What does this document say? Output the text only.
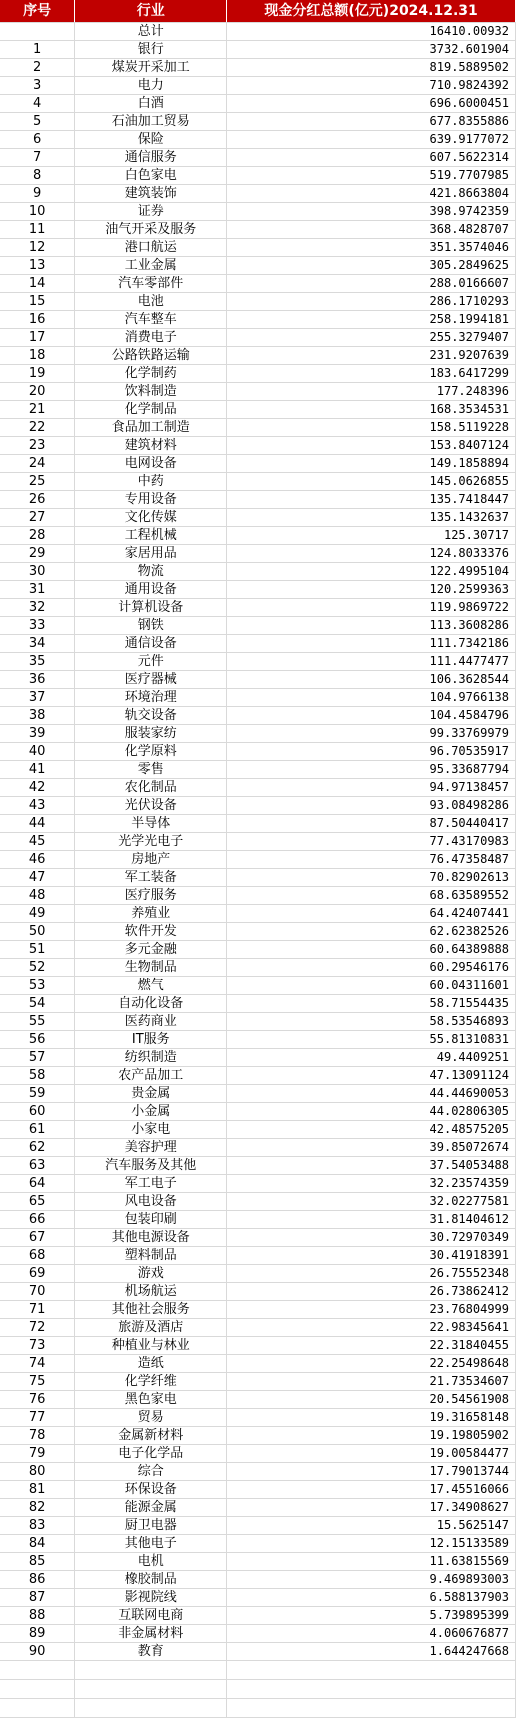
序号	行业	现金分红总额(亿元)2024.12.31
	总计	16410.00932
1	银行	3732.601904
2	煤炭开采加工	819.5889502
3	电力	710.9824392
4	白酒	696.6000451
5	石油加工贸易	677.8355886
6	保险	639.9177072
7	通信服务	607.5622314
8	白色家电	519.7707985
9	建筑装饰	421.8663804
10	证券	398.9742359
11	油气开采及服务	368.4828707
12	港口航运	351.3574046
13	工业金属	305.2849625
14	汽车零部件	288.0166607
15	电池	286.1710293
16	汽车整车	258.1994181
17	消费电子	255.3279407
18	公路铁路运输	231.9207639
19	化学制药	183.6417299
20	饮料制造	177.248396
21	化学制品	168.3534531
22	食品加工制造	158.5119228
23	建筑材料	153.8407124
24	电网设备	149.1858894
25	中药	145.0626855
26	专用设备	135.7418447
27	文化传媒	135.1432637
28	工程机械	125.30717
29	家居用品	124.8033376
30	物流	122.4995104
31	通用设备	120.2599363
32	计算机设备	119.9869722
33	钢铁	113.3608286
34	通信设备	111.7342186
35	元件	111.4477477
36	医疗器械	106.3628544
37	环境治理	104.9766138
38	轨交设备	104.4584796
39	服装家纺	99.33769979
40	化学原料	96.70535917
41	零售	95.33687794
42	农化制品	94.97138457
43	光伏设备	93.08498286
44	半导体	87.50440417
45	光学光电子	77.43170983
46	房地产	76.47358487
47	军工装备	70.82902613
48	医疗服务	68.63589552
49	养殖业	64.42407441
50	软件开发	62.62382526
51	多元金融	60.64389888
52	生物制品	60.29546176
53	燃气	60.04311601
54	自动化设备	58.71554435
55	医药商业	58.53546893
56	IT服务	55.81310831
57	纺织制造	49.4409251
58	农产品加工	47.13091124
59	贵金属	44.44690053
60	小金属	44.02806305
61	小家电	42.48575205
62	美容护理	39.85072674
63	汽车服务及其他	37.54053488
64	军工电子	32.23574359
65	风电设备	32.02277581
66	包装印刷	31.81404612
67	其他电源设备	30.72970349
68	塑料制品	30.41918391
69	游戏	26.75552348
70	机场航运	26.73862412
71	其他社会服务	23.76804999
72	旅游及酒店	22.98345641
73	种植业与林业	22.31840455
74	造纸	22.25498648
75	化学纤维	21.73534607
76	黑色家电	20.54561908
77	贸易	19.31658148
78	金属新材料	19.19805902
79	电子化学品	19.00584477
80	综合	17.79013744
81	环保设备	17.45516066
82	能源金属	17.34908627
83	厨卫电器	15.5625147
84	其他电子	12.15133589
85	电机	11.63815569
86	橡胶制品	9.469893003
87	影视院线	6.588137903
88	互联网电商	5.739895399
89	非金属材料	4.060676877
90	教育	1.644247668
